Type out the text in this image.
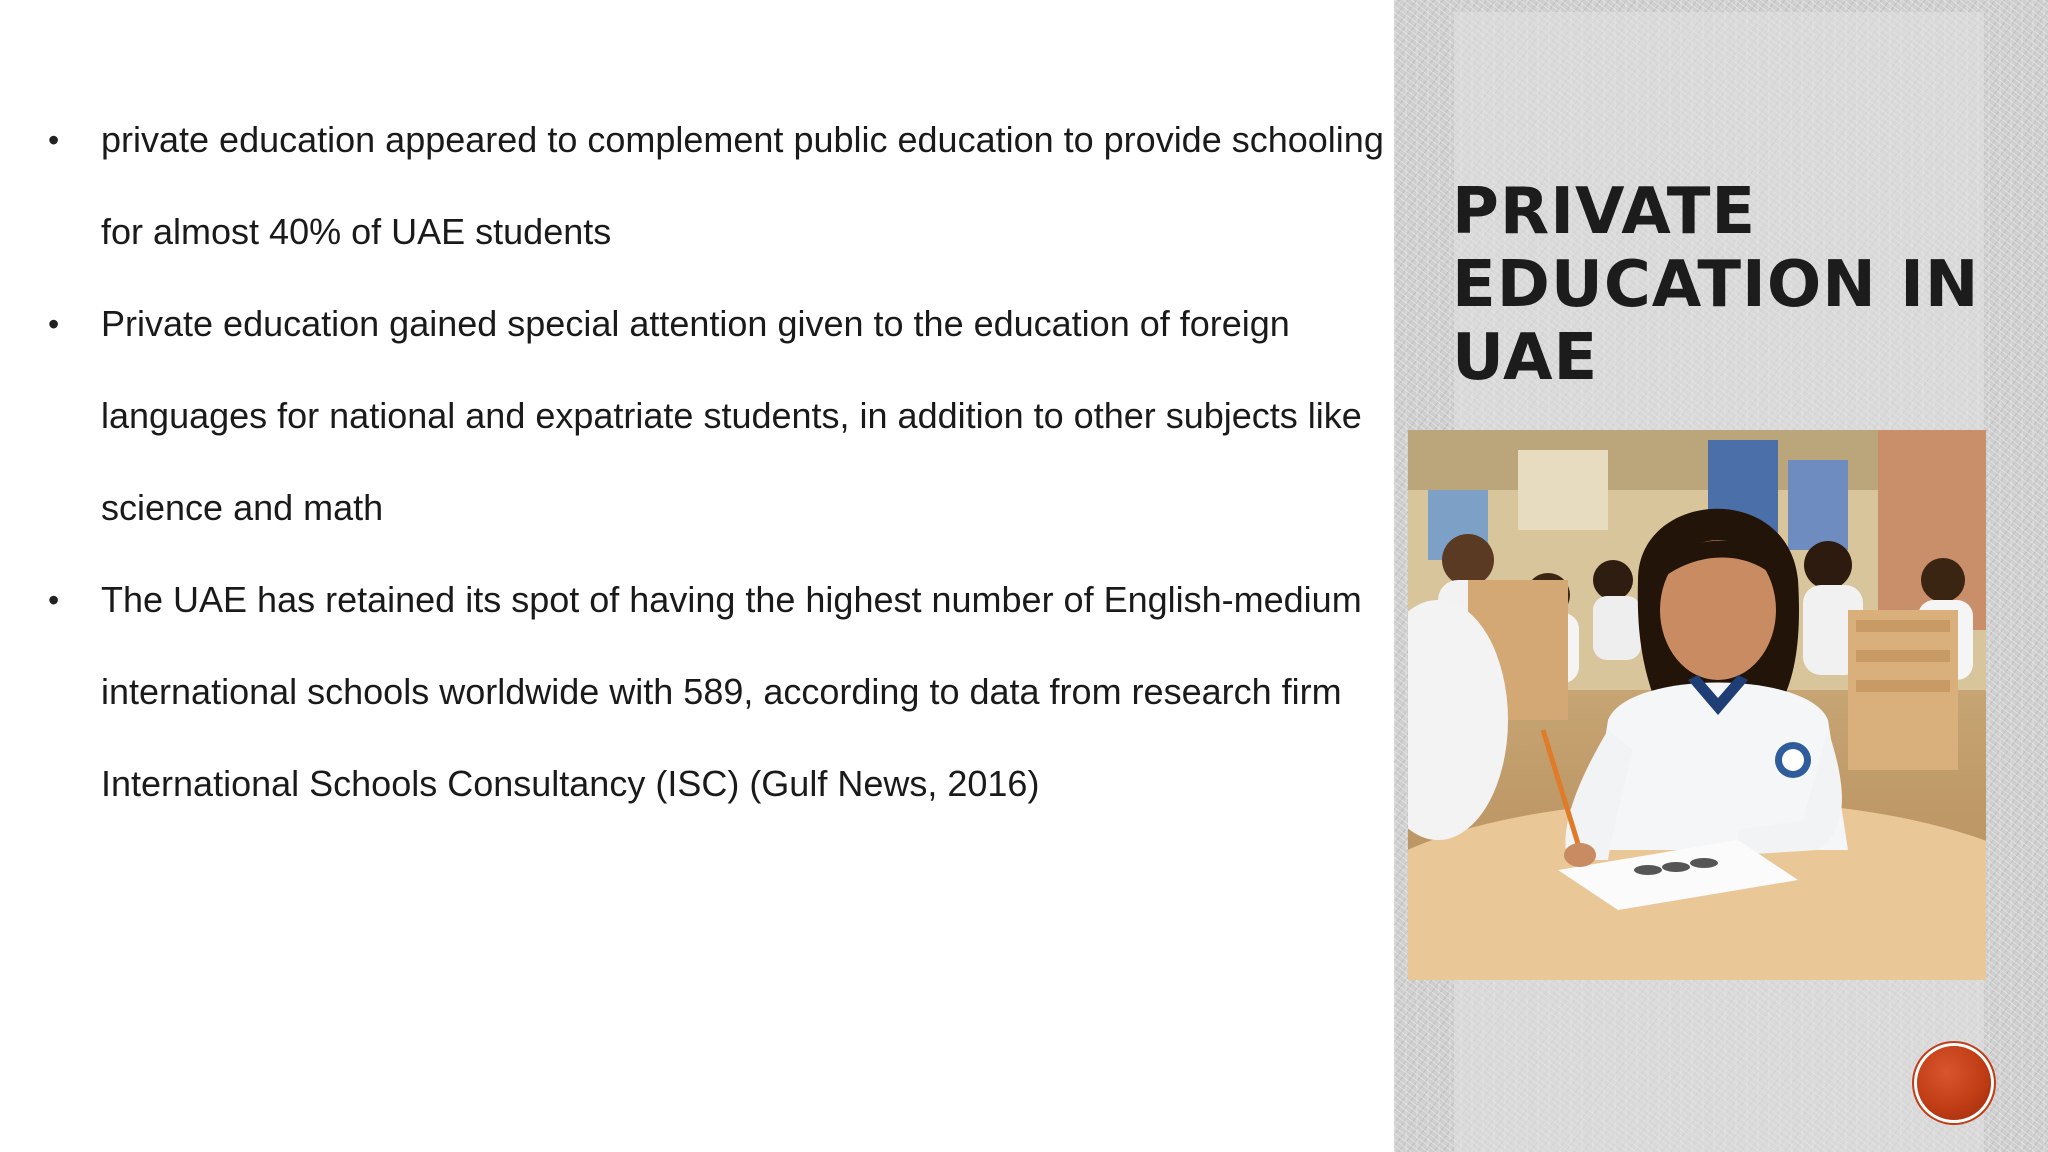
• private education appeared to complement public education to provide schooling for almost 40% of UAE students
• Private education gained special attention given to the education of foreign languages for national and expatriate students, in addition to other subjects like science and math
• The UAE has retained its spot of having the highest number of English-medium international schools worldwide with 589, according to data from research firm International Schools Consultancy (ISC) (Gulf News, 2016)
PRIVATE EDUCATION IN UAE
